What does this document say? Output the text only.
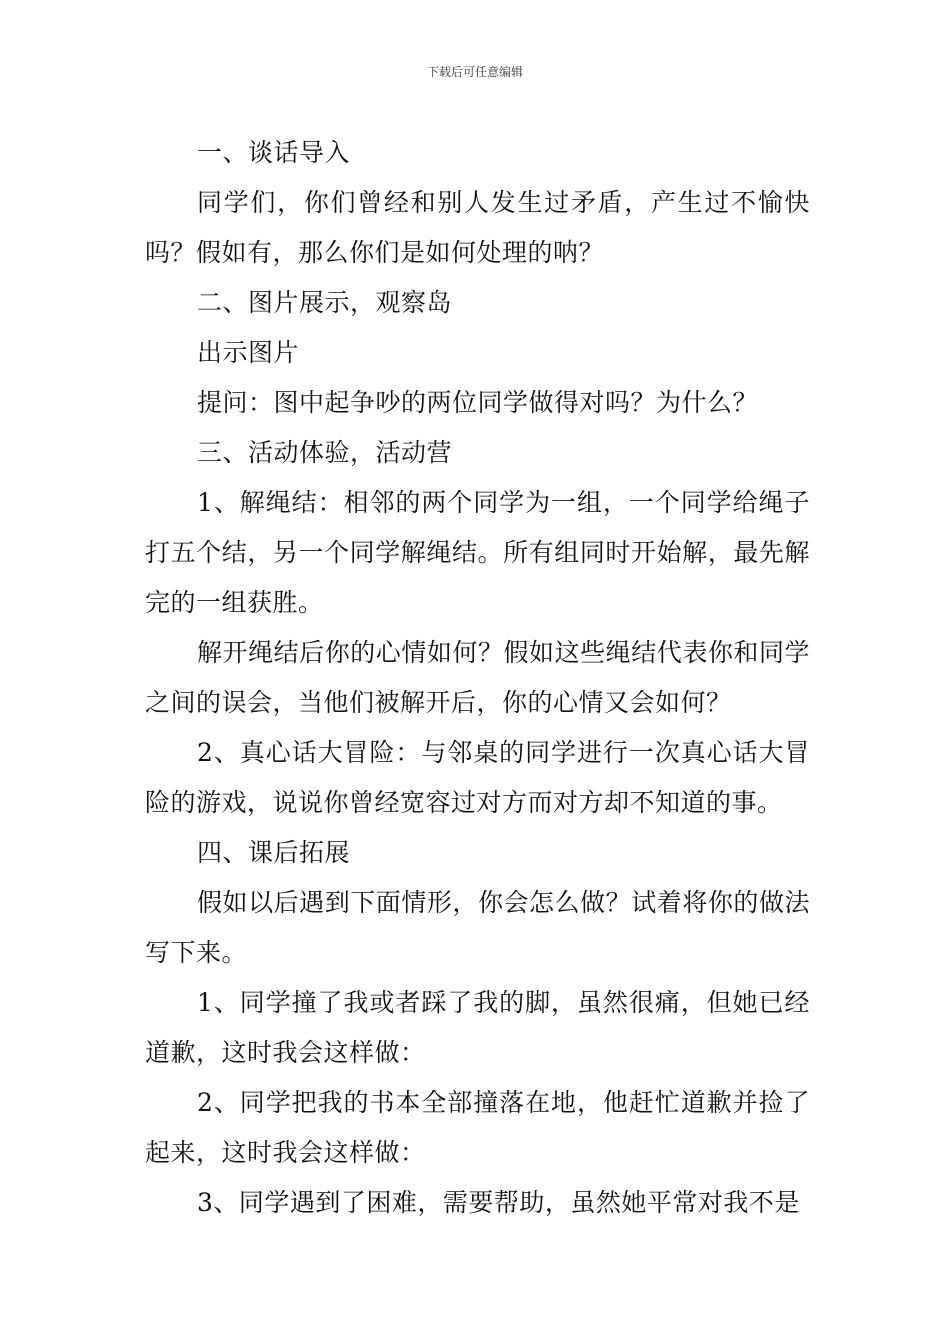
下载后可任意编辑

一、谈话导入

同学们，你们曾经和别人发生过矛盾，产生过不愉快吗？假如有，那么你们是如何处理的呐？

二、图片展示，观察岛

出示图片

提问：图中起争吵的两位同学做得对吗？为什么？

三、活动体验，活动营

1、解绳结：相邻的两个同学为一组，一个同学给绳子打五个结，另一个同学解绳结。所有组同时开始解，最先解完的一组获胜。

解开绳结后你的心情如何？假如这些绳结代表你和同学之间的误会，当他们被解开后，你的心情又会如何？

2、真心话大冒险：与邻桌的同学进行一次真心话大冒险的游戏，说说你曾经宽容过对方而对方却不知道的事。

四、课后拓展

假如以后遇到下面情形，你会怎么做？试着将你的做法写下来。

1、同学撞了我或者踩了我的脚，虽然很痛，但她已经道歉，这时我会这样做：

2、同学把我的书本全部撞落在地，他赶忙道歉并捡了起来，这时我会这样做：

3、同学遇到了困难，需要帮助，虽然她平常对我不是
